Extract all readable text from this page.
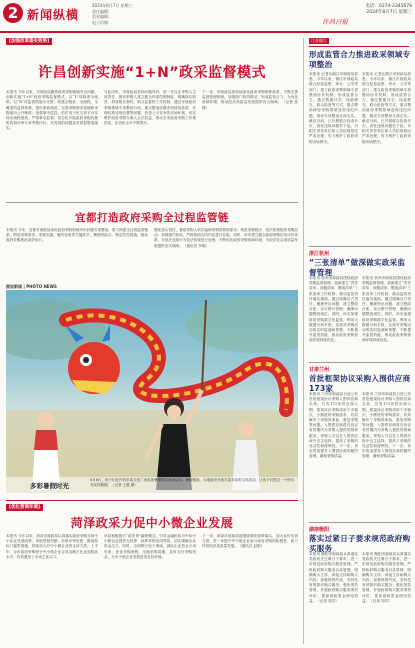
2 新闻纵横
2024年8月7日 星期三
责任编辑：
美术编辑：
电子信箱：
电话：0374-2345678
2024年8月7日 星期三
许昌日报
[加强改革落实效果]
许昌创新实施“1+N”政采监督模式
本报讯 今年以来，市财政局聚焦政府采购领域突出问题，创新实施“1+N”政府采购监督模式，以“1”项制度为统领，以“N”项监管措施为支撑，构建全链条、全流程、全覆盖的监督体系。强化事前规范，完善采购需求管理和采购意向公开制度；加强事中监控，依托电子化交易平台实现全流程留痕；严格事后监管，常态化开展政府采购代理机构和评审专家考核评价，对发现的问题及时督促整改落实。
与此同时，市财政局坚持问题导向，进一步压实采购人主体责任，推动采购人建立健全内部控制制度，明确岗位职责，形成相互制约、相互监督的工作机制。通过开展政府采购领域专项整治行动，重点整治设置差别歧视条款、代理机构违规收费等问题，营造公平竞争的市场环境，切实维护政府采购当事人合法权益，推动全市政府采购工作规范化、法治化水平不断提升。
下一步，市财政局将持续深化政府采购制度改革，不断完善监督管理机制，加强部门协同联动，形成监管合力，为优化营商环境、推动经济高质量发展提供有力保障。（记者 张静）
宜都打造政府采购全过程监管链
本报讯 今年，宜都市财政局深化政府采购领域突出问题专项整治，着力构建全过程监管链条。围绕采购需求、采购实施、履约验收等关键环节，梳理风险点，制定防控措施，推动政府采购规范高效运行。
强化源头管控，督促采购人科学编制采购预算和需求；规范采购程序，依法依规组织采购活动；加强履约验收，严格按照合同约定进行验收。同时，该市建立健全政府采购信用评价体系，对违法违规行为依法依规进行处理，不断优化政府采购营商环境，为经济社会高质量发展提供坚实保障。（通讯员 李明）
图说新闻 | PHOTO NEWS
多彩暑假时光
8月6日，孩子们在许昌市某文化广场参加暑期舞龙表演活动。暑假期间，当地组织开展丰富多彩的文体活动，让孩子们度过一个快乐充实的假期。（记者 王磊 摄）
[优化营商环境]
菏泽政采力促中小微企业发展
本报讯 今年以来，菏泽市财政局认真落实政府采购支持中小企业发展政策，采取预留份额、价格评审优惠、降低投标门槛等措施，持续加大对中小微企业的支持力度。上半年，全市政府采购授予中小微企业合同金额占比达到较高水平，有效激发了市场主体活力。
该局积极推行“政采贷”融资模式，引导金融机构为中标中小微企业提供无抵押、低利率的信用贷款，切实缓解企业资金压力。同时，全面推行电子保函，减轻企业资金占用负担；优化采购流程，压缩采购周期，及时支付采购资金，为中小微企业发展创造良好环境。
下一步，菏泽市财政局将继续强化政策落实，加大宣传培训力度，进一步提升中小微企业参与政府采购的积极性，助力民营经济高质量发展。（通讯员 赵刚）
江苏镇江
形成监管合力推进政采领域专项整治
本报讯 记者从镇江市财政局获悉，今年以来，镇江市财政局联合纪检监察、审计、公安等部门，建立政府采购领域专项整治协作机制，形成监管合力。通过数据共享、线索移交、联合检查等方式，重点整治政府采购领域违规违纪问题，推动专项整治走深走实。截至目前，已开展联合检查多次，查处违规问题若干起，对相关责任单位和人员依规依纪严肃处理，有力维护了政府采购市场秩序。
本报讯 记者从镇江市财政局获悉，今年以来，镇江市财政局联合纪检监察、审计、公安等部门，建立政府采购领域专项整治协作机制，形成监管合力。通过数据共享、线索移交、联合检查等方式，重点整治政府采购领域违规违纪问题，推动专项整治走深走实。截至目前，已开展联合检查多次，查处违规问题若干起，对相关责任单位和人员依规依纪严肃处理，有力维护了政府采购市场秩序。
浙江杭州
“三张清单”做深做实政采监督管理
本报讯 杭州市财政局围绕政府采购监督管理，创新建立“责任清单、问题清单、整改清单”三张清单工作机制，推动监管责任落实落细。通过明确各方责任，梳理突出问题，建立整改台账，实行销号管理，确保问题整改到位。同时，该市加强政府采购数字化监管，利用大数据分析手段，实现对采购活动的实时监测和预警，不断提升监管效能，推动政府采购营商环境持续优化。
本报讯 杭州市财政局围绕政府采购监督管理，创新建立“责任清单、问题清单、整改清单”三张清单工作机制，推动监管责任落实落细。通过明确各方责任，梳理突出问题，建立整改台账，实行销号管理，确保问题整改到位。同时，该市加强政府采购数字化监管，利用大数据分析手段，实现对采购活动的实时监测和预警，不断提升监管效能，推动政府采购营商环境持续优化。
甘肃兰州
首批框架协议采购入围供应商173家
本报讯 兰州市财政局日前公布首批框架协议采购入围供应商名单，共有173家供应商入围。框架协议采购适用于多频次、小额度的采购需求，有效解决了采购效率低、重复采购等问题。入围供应商将在协议有效期内为采购人提供货物和服务，采购人可以在入围供应商中自主选择，提高了采购的灵活性和便利性。下一步，该市将加强对入围供应商的履约管理，确保采购质量。
本报讯 兰州市财政局日前公布首批框架协议采购入围供应商名单，共有173家供应商入围。框架协议采购适用于多频次、小额度的采购需求，有效解决了采购效率低、重复采购等问题。入围供应商将在协议有效期内为采购人提供货物和服务，采购人可以在入围供应商中自主选择，提高了采购的灵活性和便利性。下一步，该市将加强对入围供应商的履约管理，确保采购质量。
湖南衡阳
落实过紧日子要求规范政府购买服务
本报讯 衡阳市财政局认真落实党政机关过紧日子要求，进一步规范政府购买服务管理。严格政府购买服务目录管理，明确购买主体、承接主体和购买内容；加强预算约束，坚持先有预算后购买服务；强化绩效管理，开展政府购买服务绩效评价，提高财政资金使用效益。（记者 周洋）
本报讯 衡阳市财政局认真落实党政机关过紧日子要求，进一步规范政府购买服务管理。严格政府购买服务目录管理，明确购买主体、承接主体和购买内容；加强预算约束，坚持先有预算后购买服务；强化绩效管理，开展政府购买服务绩效评价，提高财政资金使用效益。（记者 周洋）
